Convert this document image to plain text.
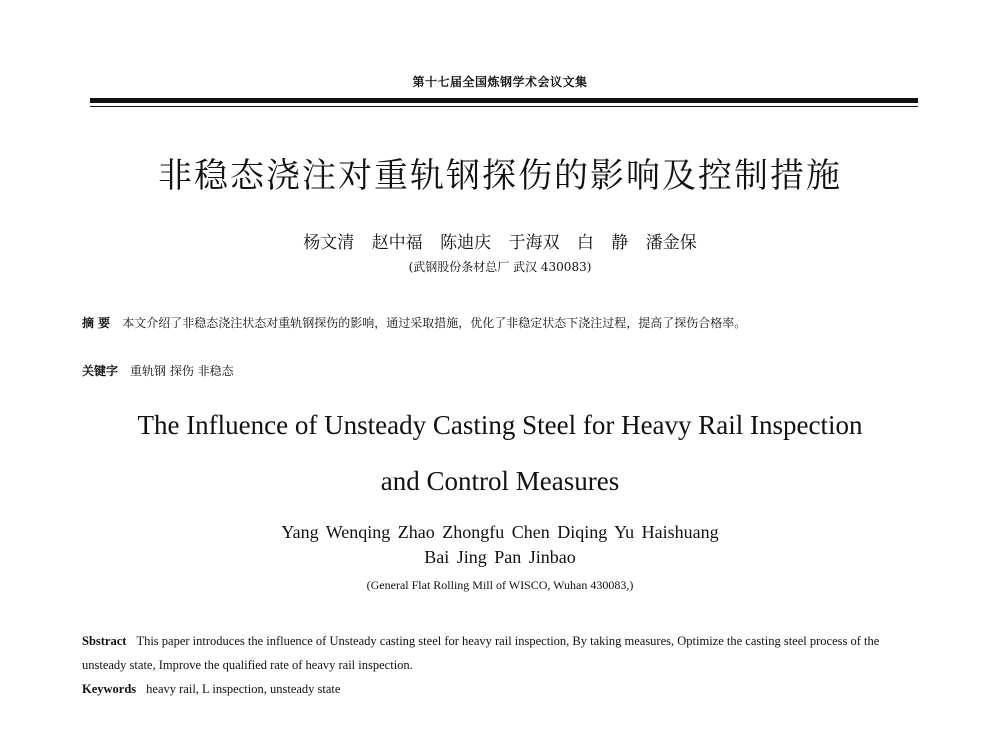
第十七届全国炼钢学术会议文集
非稳态浇注对重轨钢探伤的影响及控制措施
杨文清 赵中福 陈迪庆 于海双 白 静 潘金保
(武钢股份条材总厂 武汉 430083)
摘 要 本文介绍了非稳态浇注状态对重轨钢探伤的影响，通过采取措施，优化了非稳定状态下浇注过程，提高了探伤合格率。
关键字 重轨钢 探伤 非稳态
The Influence of Unsteady Casting Steel for Heavy Rail Inspection
and Control Measures
Yang Wenqing Zhao Zhongfu Chen Diqing Yu Haishuang
Bai Jing Pan Jinbao
(General Flat Rolling Mill of WISCO, Wuhan 430083,)
Sbstract This paper introduces the influence of Unsteady casting steel for heavy rail inspection, By taking measures, Optimize the casting steel process of the unsteady state, Improve the qualified rate of heavy rail inspection.
Keywords heavy rail, L inspection, unsteady state
